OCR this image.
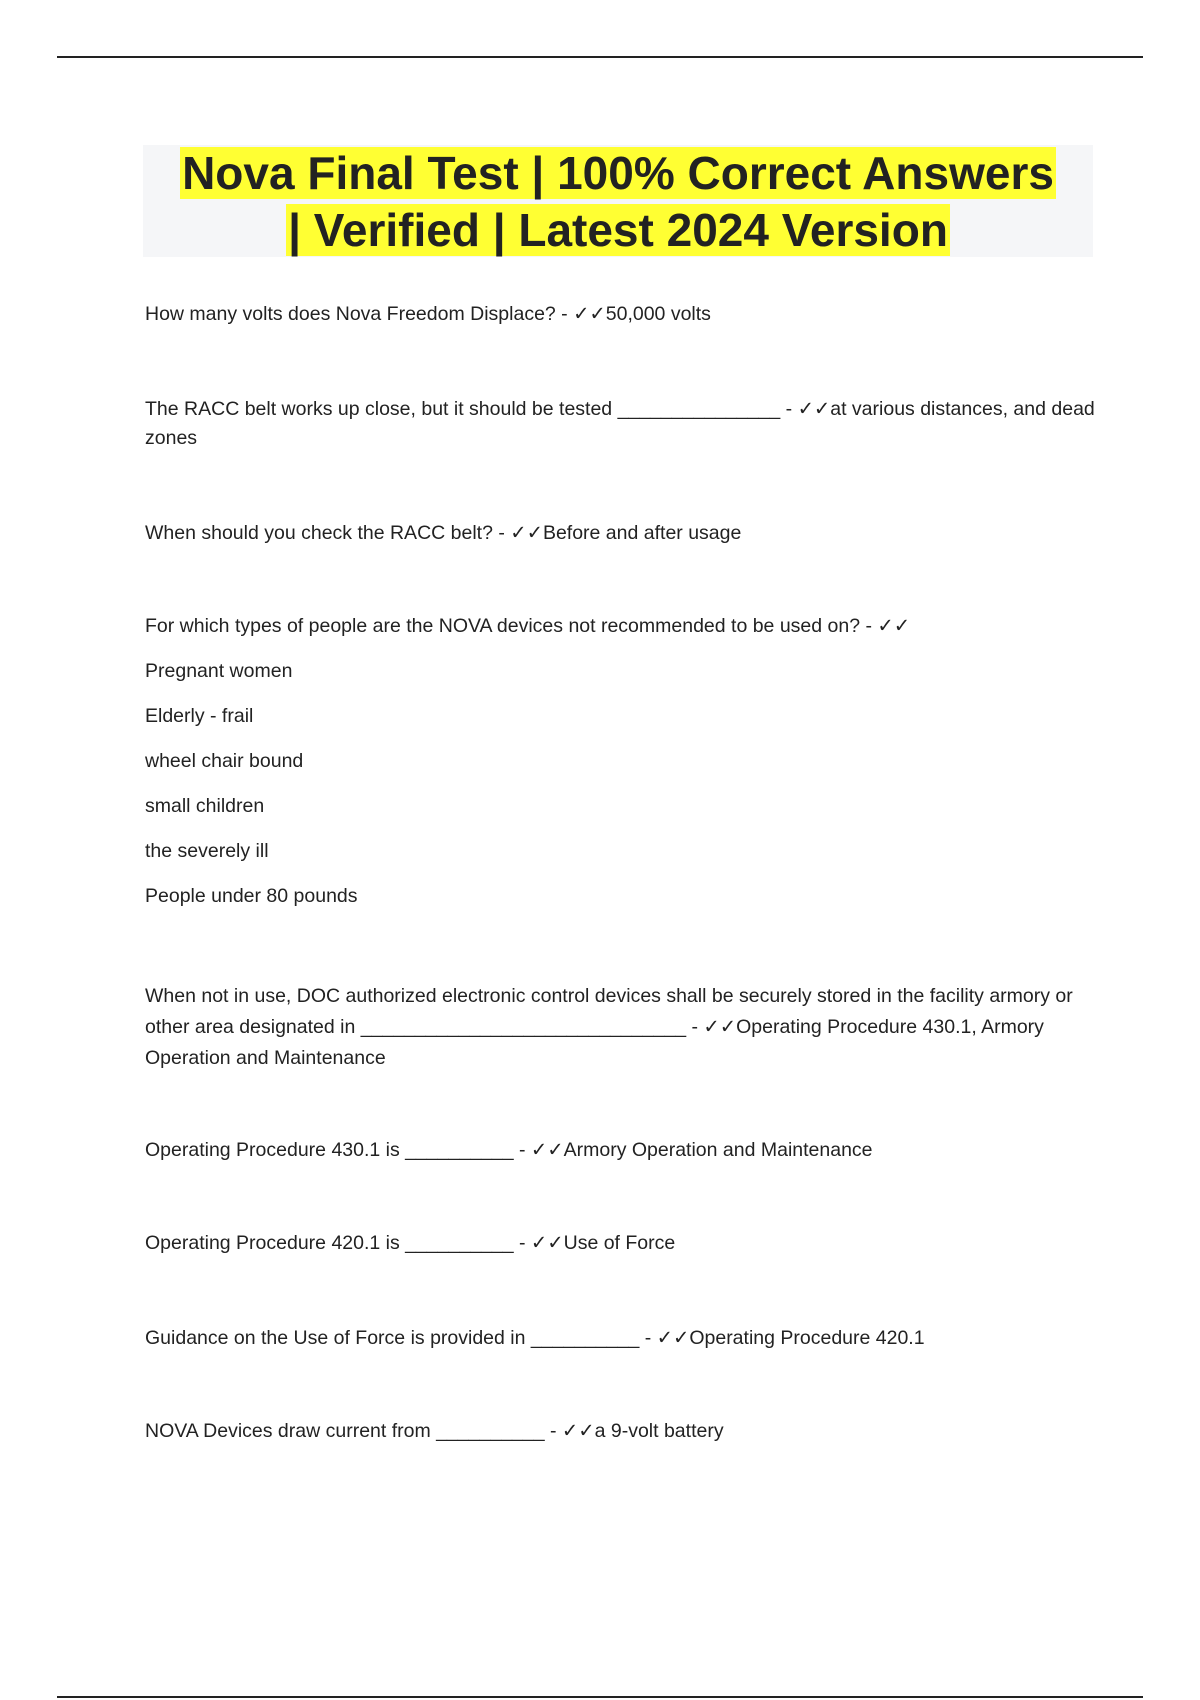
Nova Final Test | 100% Correct Answers
| Verified | Latest 2024 Version

How many volts does Nova Freedom Displace? - ✓✓50,000 volts

The RACC belt works up close, but it should be tested _______________ - ✓✓at various distances, and dead zones

When should you check the RACC belt? - ✓✓Before and after usage

For which types of people are the NOVA devices not recommended to be used on? - ✓✓

Pregnant women
Elderly - frail
wheel chair bound
small children
the severely ill
People under 80 pounds

When not in use, DOC authorized electronic control devices shall be securely stored in the facility armory or other area designated in ______________________________ - ✓✓Operating Procedure 430.1, Armory Operation and Maintenance

Operating Procedure 430.1 is __________ - ✓✓Armory Operation and Maintenance

Operating Procedure 420.1 is __________ - ✓✓Use of Force

Guidance on the Use of Force is provided in __________ - ✓✓Operating Procedure 420.1

NOVA Devices draw current from __________ - ✓✓a 9-volt battery
